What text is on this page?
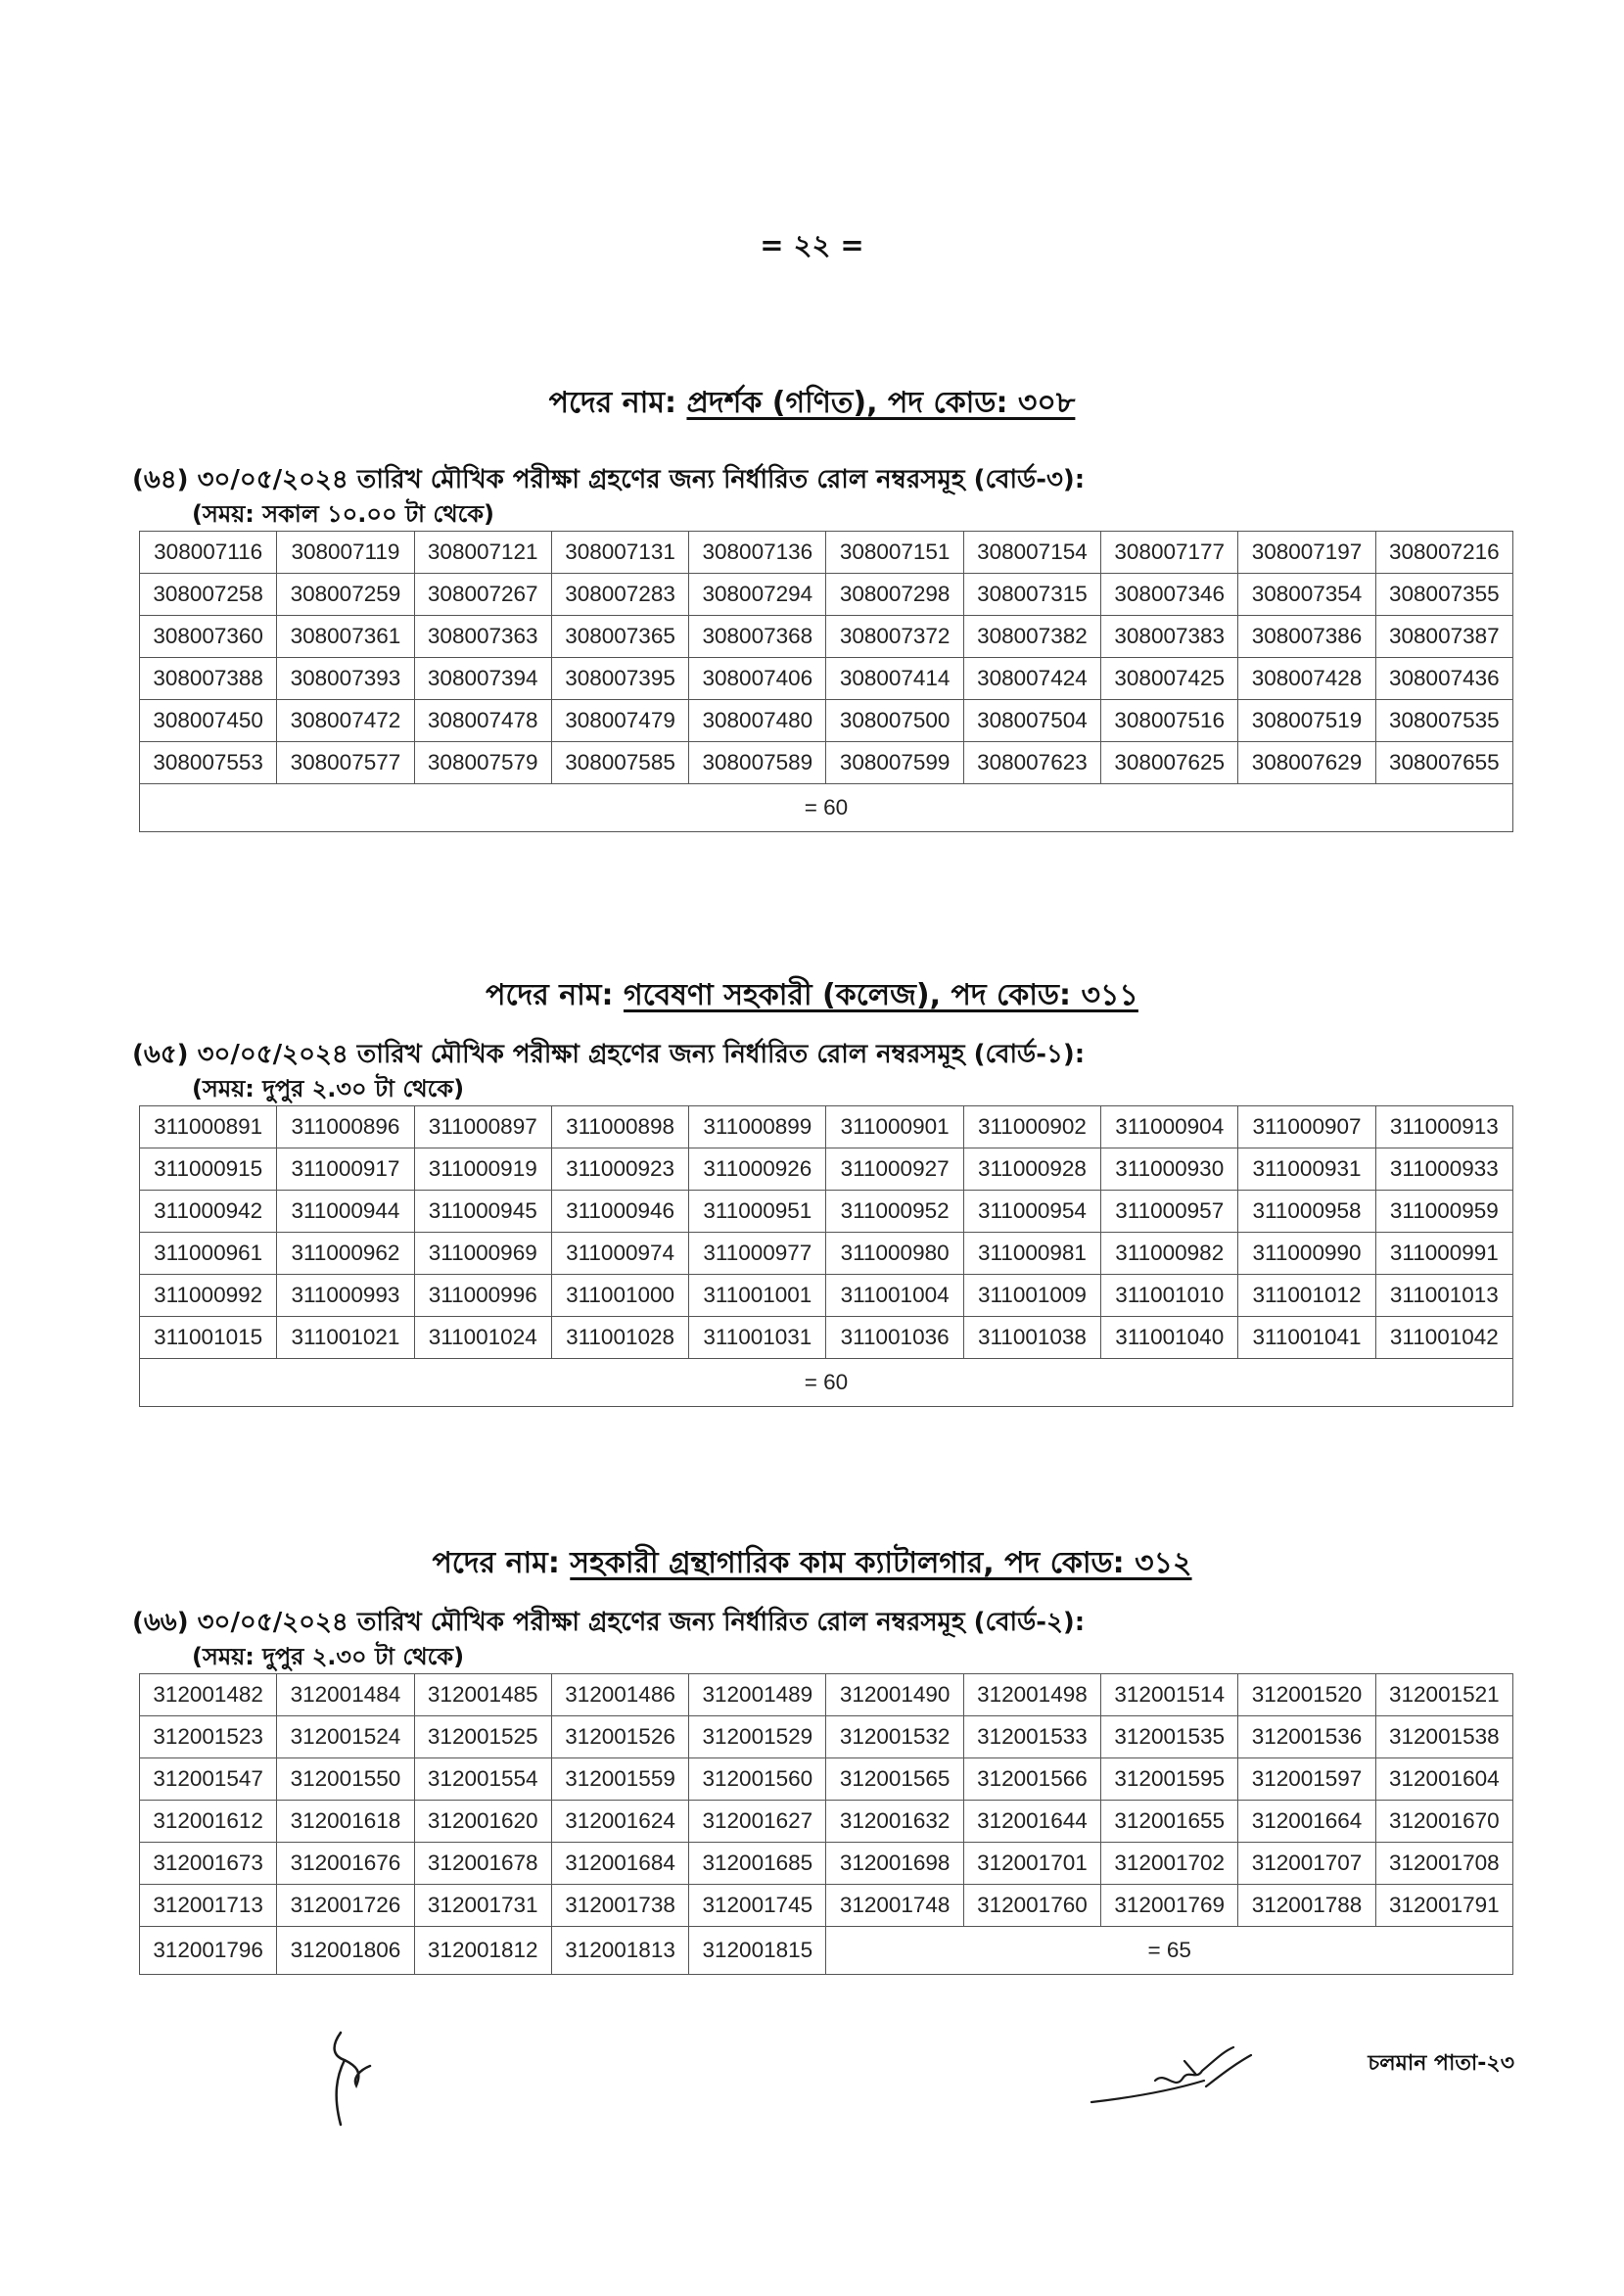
= ২২ =

পদের নাম: প্রদর্শক (গণিত), পদ কোড: ৩০৮

(৬৪) ৩০/০৫/২০২৪ তারিখ মৌখিক পরীক্ষা গ্রহণের জন্য নির্ধারিত রোল নম্বরসমূহ (বোর্ড-৩):

(সময়: সকাল ১০.০০ টা থেকে)

308007116	308007119	308007121	308007131	308007136	308007151	308007154	308007177	308007197	308007216
308007258	308007259	308007267	308007283	308007294	308007298	308007315	308007346	308007354	308007355
308007360	308007361	308007363	308007365	308007368	308007372	308007382	308007383	308007386	308007387
308007388	308007393	308007394	308007395	308007406	308007414	308007424	308007425	308007428	308007436
308007450	308007472	308007478	308007479	308007480	308007500	308007504	308007516	308007519	308007535
308007553	308007577	308007579	308007585	308007589	308007599	308007623	308007625	308007629	308007655
= 60									

পদের নাম: গবেষণা সহকারী (কলেজ), পদ কোড: ৩১১

(৬৫) ৩০/০৫/২০২৪ তারিখ মৌখিক পরীক্ষা গ্রহণের জন্য নির্ধারিত রোল নম্বরসমূহ (বোর্ড-১):

(সময়: দুপুর ২.৩০ টা থেকে)

311000891	311000896	311000897	311000898	311000899	311000901	311000902	311000904	311000907	311000913
311000915	311000917	311000919	311000923	311000926	311000927	311000928	311000930	311000931	311000933
311000942	311000944	311000945	311000946	311000951	311000952	311000954	311000957	311000958	311000959
311000961	311000962	311000969	311000974	311000977	311000980	311000981	311000982	311000990	311000991
311000992	311000993	311000996	311001000	311001001	311001004	311001009	311001010	311001012	311001013
311001015	311001021	311001024	311001028	311001031	311001036	311001038	311001040	311001041	311001042
= 60									

পদের নাম: সহকারী গ্রন্থাগারিক কাম ক্যাটালগার, পদ কোড: ৩১২

(৬৬) ৩০/০৫/২০২৪ তারিখ মৌখিক পরীক্ষা গ্রহণের জন্য নির্ধারিত রোল নম্বরসমূহ (বোর্ড-২):

(সময়: দুপুর ২.৩০ টা থেকে)

312001482	312001484	312001485	312001486	312001489	312001490	312001498	312001514	312001520	312001521
312001523	312001524	312001525	312001526	312001529	312001532	312001533	312001535	312001536	312001538
312001547	312001550	312001554	312001559	312001560	312001565	312001566	312001595	312001597	312001604
312001612	312001618	312001620	312001624	312001627	312001632	312001644	312001655	312001664	312001670
312001673	312001676	312001678	312001684	312001685	312001698	312001701	312001702	312001707	312001708
312001713	312001726	312001731	312001738	312001745	312001748	312001760	312001769	312001788	312001791
312001796	312001806	312001812	312001813	312001815	= 65				
চলমান পাতা-২৩
